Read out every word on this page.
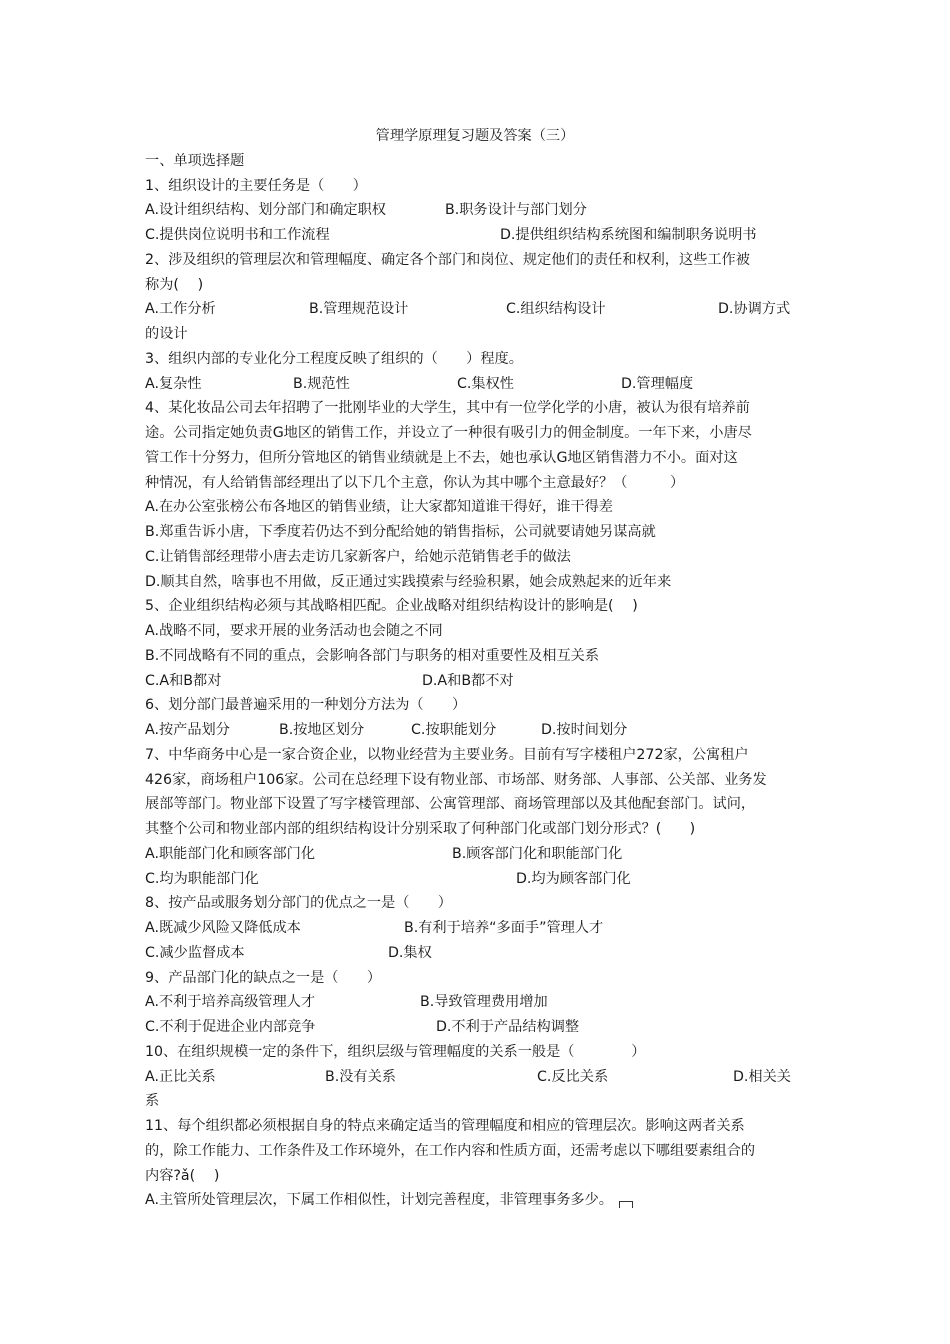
管理学原理复习题及答案（三）
一、单项选择题
1、组织设计的主要任务是（　　）
A.设计组织结构、划分部门和确定职权	B.职务设计与部门划分
C.提供岗位说明书和工作流程	D.提供组织结构系统图和编制职务说明书
2、涉及组织的管理层次和管理幅度、确定各个部门和岗位、规定他们的责任和权利，这些工作被
称为(　 )
A.工作分析	B.管理规范设计	C.组织结构设计	D.协调方式
的设计
3、组织内部的专业化分工程度反映了组织的（　　）程度。
A.复杂性	B.规范性	C.集权性	D.管理幅度
4、某化妆品公司去年招聘了一批刚毕业的大学生，其中有一位学化学的小唐，被认为很有培养前
途。公司指定她负责G地区的销售工作，并设立了一种很有吸引力的佣金制度。一年下来，小唐尽
管工作十分努力，但所分管地区的销售业绩就是上不去，她也承认G地区销售潜力不小。面对这
种情况，有人给销售部经理出了以下几个主意，你认为其中哪个主意最好？（　　　）
A.在办公室张榜公布各地区的销售业绩，让大家都知道谁干得好，谁干得差
B.郑重告诉小唐，下季度若仍达不到分配给她的销售指标，公司就要请她另谋高就
C.让销售部经理带小唐去走访几家新客户，给她示范销售老手的做法
D.顺其自然，啥事也不用做，反正通过实践摸索与经验积累，她会成熟起来的近年来
5、企业组织结构必须与其战略相匹配。企业战略对组织结构设计的影响是(　 )
A.战略不同，要求开展的业务活动也会随之不同
B.不同战略有不同的重点，会影响各部门与职务的相对重要性及相互关系
C.A和B都对	D.A和B都不对
6、划分部门最普遍采用的一种划分方法为（　　）
A.按产品划分	B.按地区划分	C.按职能划分	D.按时间划分
7、中华商务中心是一家合资企业，以物业经营为主要业务。目前有写字楼租户272家，公寓租户
426家，商场租户106家。公司在总经理下设有物业部、市场部、财务部、人事部、公关部、业务发
展部等部门。物业部下设置了写字楼管理部、公寓管理部、商场管理部以及其他配套部门。试问，
其整个公司和物业部内部的组织结构设计分别采取了何种部门化或部门划分形式？(　　)
A.职能部门化和顾客部门化	B.顾客部门化和职能部门化
C.均为职能部门化	D.均为顾客部门化
8、按产品或服务划分部门的优点之一是（　　）
A.既减少风险又降低成本	B.有利于培养“多面手”管理人才
C.减少监督成本	D.集权
9、产品部门化的缺点之一是（　　）
A.不利于培养高级管理人才	B.导致管理费用增加
C.不利于促进企业内部竞争	D.不利于产品结构调整
10、在组织规模一定的条件下，组织层级与管理幅度的关系一般是（　　　　）
A.正比关系	B.没有关系	C.反比关系	D.相关关
系
11、每个组织都必须根据自身的特点来确定适当的管理幅度和相应的管理层次。影响这两者关系
的，除工作能力、工作条件及工作环境外，在工作内容和性质方面，还需考虑以下哪组要素组合的
内容?ǎ(　 )
A.主管所处管理层次，下属工作相似性，计划完善程度，非管理事务多少。
